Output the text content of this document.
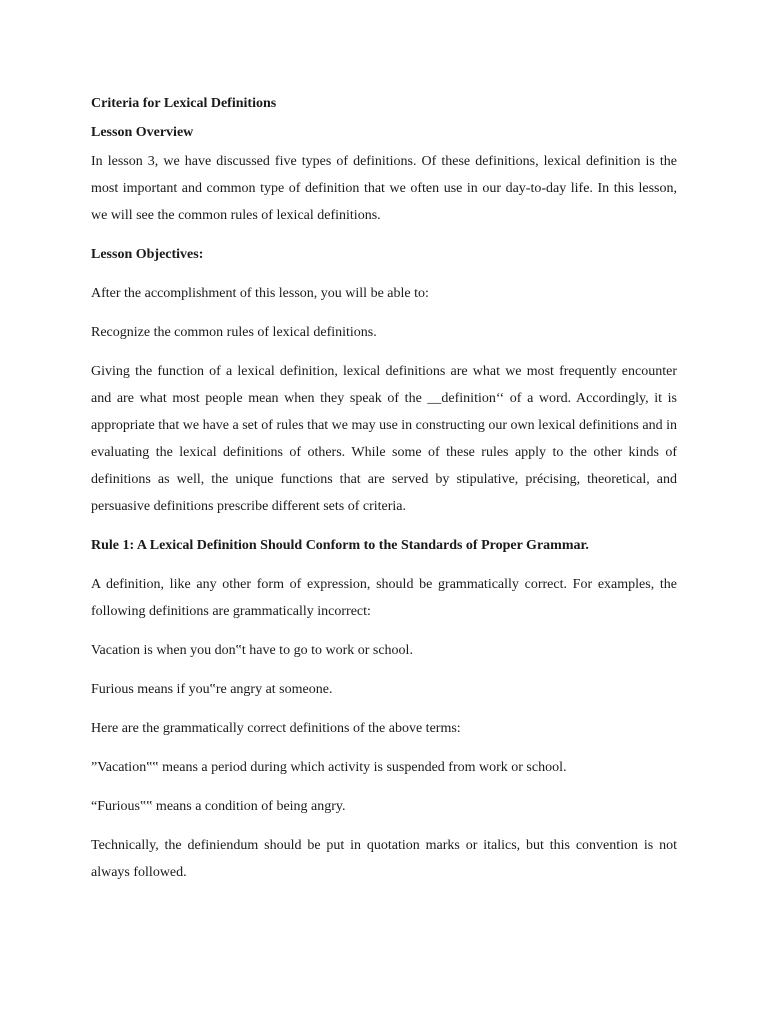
Criteria for Lexical Definitions

Lesson Overview

In lesson 3, we have discussed five types of definitions. Of these definitions, lexical definition is the most important and common type of definition that we often use in our day-to-day life. In this lesson, we will see the common rules of lexical definitions.

Lesson Objectives:

After the accomplishment of this lesson, you will be able to:

Recognize the common rules of lexical definitions.

Giving the function of a lexical definition, lexical definitions are what we most frequently encounter and are what most people mean when they speak of the __definition‘‘ of a word. Accordingly, it is appropriate that we have a set of rules that we may use in constructing our own lexical definitions and in evaluating the lexical definitions of others. While some of these rules apply to the other kinds of definitions as well, the unique functions that are served by stipulative, précising, theoretical, and persuasive definitions prescribe different sets of criteria.

Rule 1: A Lexical Definition Should Conform to the Standards of Proper Grammar.

A definition, like any other form of expression, should be grammatically correct. For examples, the following definitions are grammatically incorrect:

Vacation is when you don‟t have to go to work or school.

Furious means if you‟re angry at someone.

Here are the grammatically correct definitions of the above terms:

”Vacation‟‟ means a period during which activity is suspended from work or school.

“Furious‟‟ means a condition of being angry.

Technically, the definiendum should be put in quotation marks or italics, but this convention is not always followed.
